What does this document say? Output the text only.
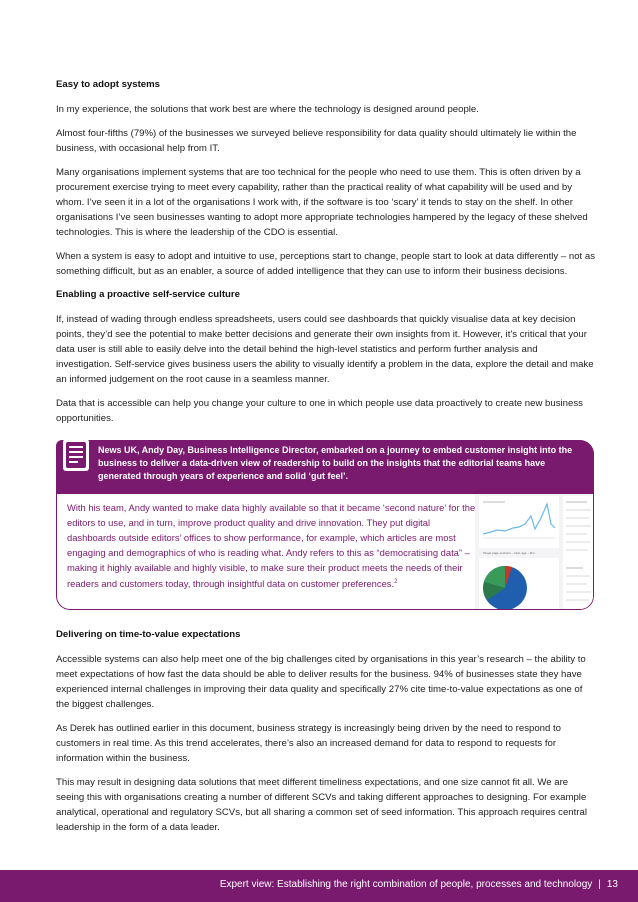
Easy to adopt systems

In my experience, the solutions that work best are where the technology is designed around people.

Almost four-fifths (79%) of the businesses we surveyed believe responsibility for data quality should ultimately lie within the business, with occasional help from IT.

Many organisations implement systems that are too technical for the people who need to use them. This is often driven by a procurement exercise trying to meet every capability, rather than the practical reality of what capability will be used and by whom. I’ve seen it in a lot of the organisations I work with, if the software is too ‘scary’ it tends to stay on the shelf. In other organisations I’ve seen businesses wanting to adopt more appropriate technologies hampered by the legacy of these shelved technologies. This is where the leadership of the CDO is essential.

When a system is easy to adopt and intuitive to use, perceptions start to change, people start to look at data differently – not as something difficult, but as an enabler, a source of added intelligence that they can use to inform their business decisions.

Enabling a proactive self-service culture

If, instead of wading through endless spreadsheets, users could see dashboards that quickly visualise data at key decision points, they’d see the potential to make better decisions and generate their own insights from it. However, it’s critical that your data user is still able to easily delve into the detail behind the high-level statistics and perform further analysis and investigation. Self-service gives business users the ability to visually identify a problem in the data, explore the detail and make an informed judgement on the root cause in a seamless manner.

Data that is accessible can help you change your culture to one in which people use data proactively to create new business opportunities.

News UK, Andy Day, Business Intelligence Director, embarked on a journey to embed customer insight into the business to deliver a data-driven view of readership to build on the insights that the editorial teams have generated through years of experience and solid ‘gut feel’.
With his team, Andy wanted to make data highly available so that it became ‘second nature’ for the editors to use, and in turn, improve product quality and drive innovation. They put digital dashboards outside editors’ offices to show performance, for example, which articles are most engaging and demographics of who is reading what. Andy refers to this as “democratising data” – making it highly available and highly visible, to make sure their product meets the needs of their readers and customers today, through insightful data on customer preferences.$^2$
Target page sections – total, age – kfm
Delivering on time-to-value expectations

Accessible systems can also help meet one of the big challenges cited by organisations in this year’s research – the ability to meet expectations of how fast the data should be able to deliver results for the business. 94% of businesses state they have experienced internal challenges in improving their data quality and specifically 27% cite time-to-value expectations as one of the biggest challenges.

As Derek has outlined earlier in this document, business strategy is increasingly being driven by the need to respond to customers in real time. As this trend accelerates, there’s also an increased demand for data to respond to requests for information within the business.

This may result in designing data solutions that meet different timeliness expectations, and one size cannot fit all. We are seeing this with organisations creating a number of different SCVs and taking different approaches to designing. For example analytical, operational and regulatory SCVs, but all sharing a common set of seed information. This approach requires central leadership in the form of a data leader.

Expert view: Establishing the right combination of people, processes and technology | 13
